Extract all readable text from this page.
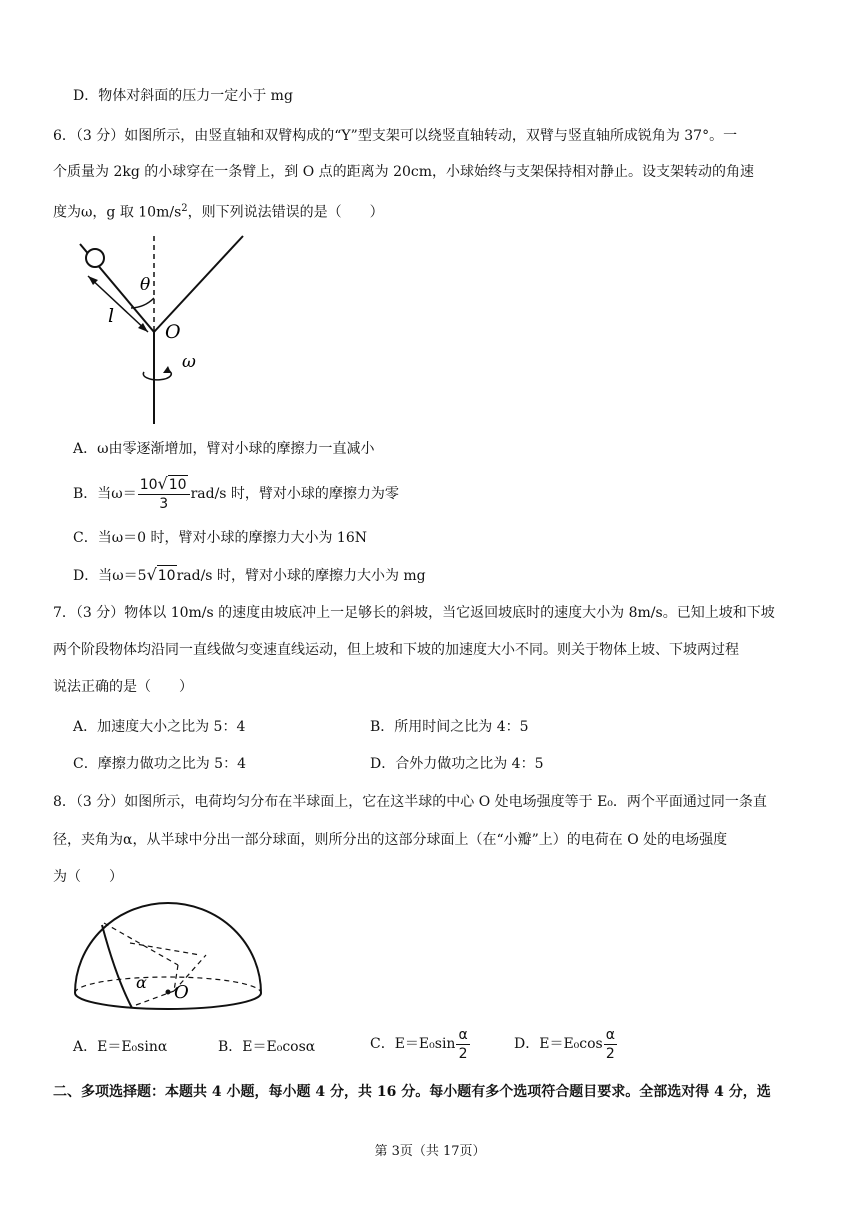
D．物体对斜面的压力一定小于 mg
6．（3 分）如图所示，由竖直轴和双臂构成的“Y”型支架可以绕竖直轴转动，双臂与竖直轴所成锐角为 37°。一
个质量为 2kg 的小球穿在一条臂上，到 O 点的距离为 20cm，小球始终与支架保持相对静止。设支架转动的角速
度为ω，g 取 $10m/s^2$，则下列说法错误的是（　　）
θ
l
O
ω
A．ω由零逐渐增加，臂对小球的摩擦力一直减小
B．当$\omega= \frac{10√10}{3} rad/s$ 时，臂对小球的摩擦力为零
C．当ω＝0 时，臂对小球的摩擦力大小为 16N
D．当ω＝5√10rad/s 时，臂对小球的摩擦力大小为 mg
7．（3 分）物体以 10m/s 的速度由坡底冲上一足够长的斜坡，当它返回坡底时的速度大小为 8m/s。已知上坡和下坡
两个阶段物体均沿同一直线做匀变速直线运动，但上坡和下坡的加速度大小不同。则关于物体上坡、下坡两过程
说法正确的是（　　）
A．加速度大小之比为 5：4	B．所用时间之比为 4：5
C．摩擦力做功之比为 5：4	D．合外力做功之比为 4：5
8．（3 分）如图所示，电荷均匀分布在半球面上，它在这半球的中心 O 处电场强度等于 E₀．两个平面通过同一条直
径，夹角为α，从半球中分出一部分球面，则所分出的这部分球面上（在“小瓣”上）的电荷在 O 处的电场强度
为（　　）
α O
A．E＝E₀sinα	B．E＝E₀cosα	C．$E=E_0\sin \frac{\alpha}{2}$	D．$E=E_0\cos \frac{\alpha}{2}$
二、多项选择题：本题共 4 小题，每小题 4 分，共 16 分。每小题有多个选项符合题目要求。全部选对得 4 分，选
第 3页（共 17页）
